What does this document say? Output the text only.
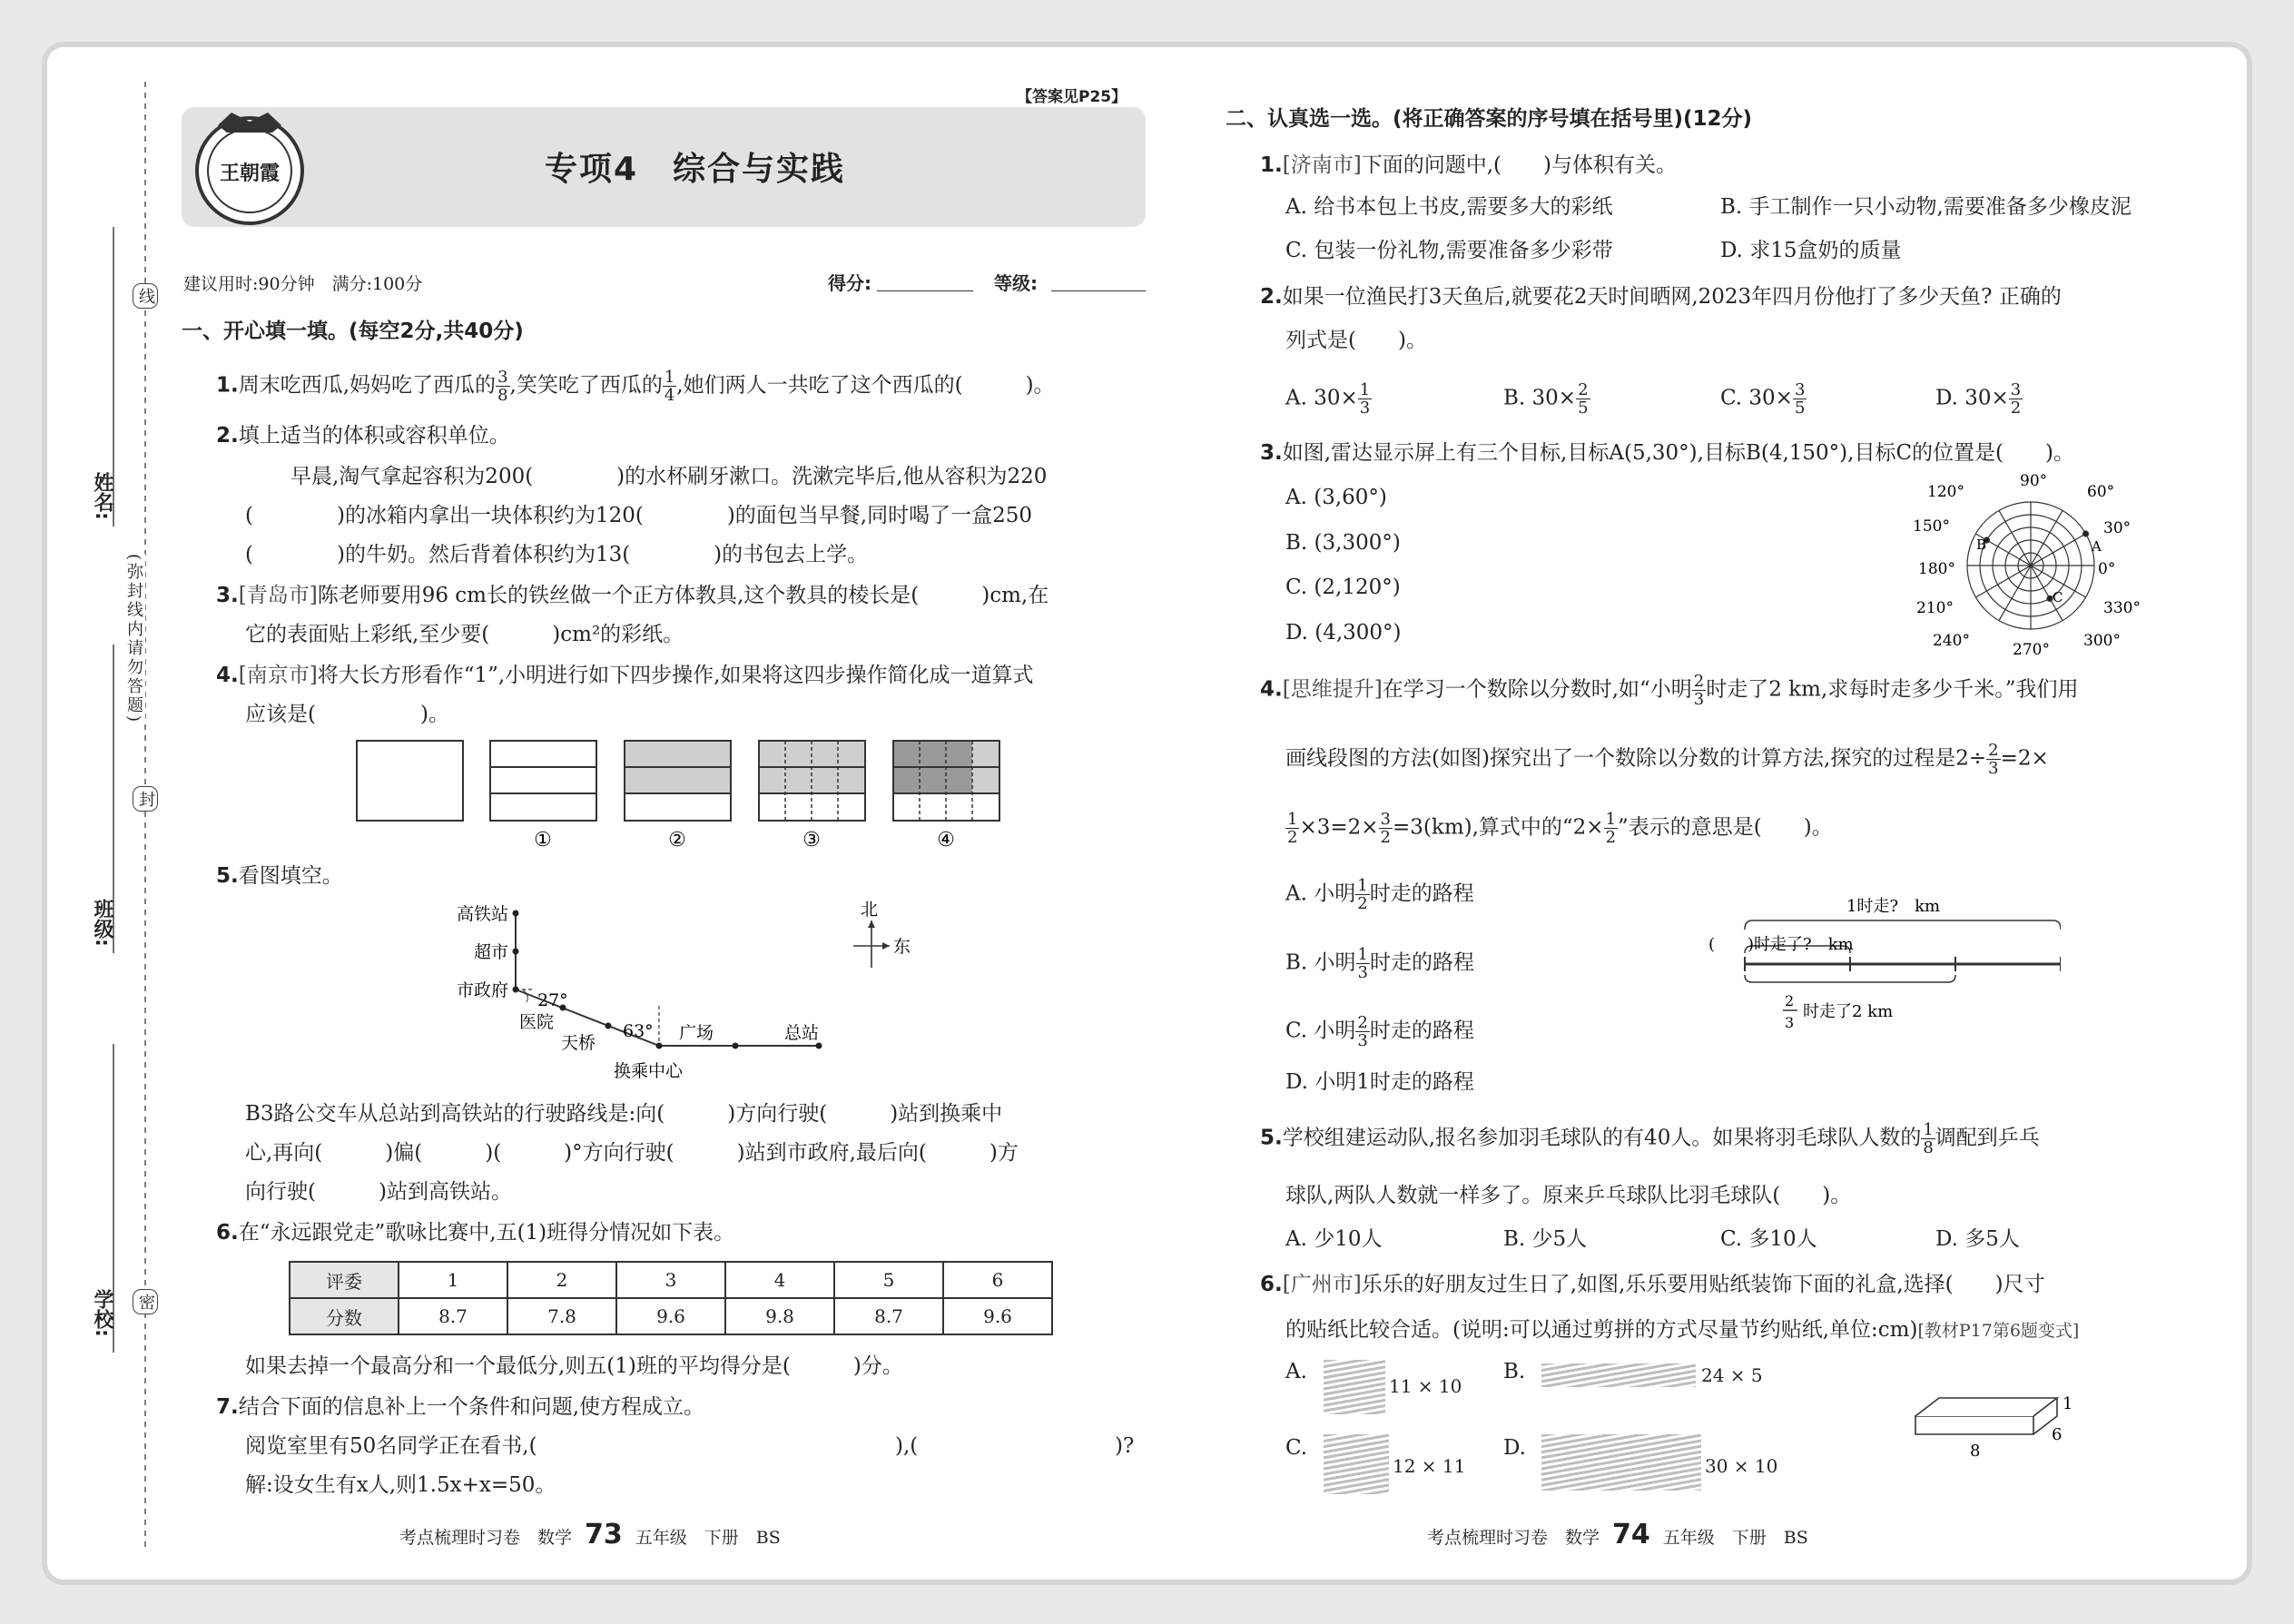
姓名:
班级:
学校:
线
封
密
(弥封线内请勿答题)
【答案见P25】
王朝霞	专项4　综合与实践
建议用时:90分钟　满分:100分	得分:	等级:
一、开心填一填。(每空2分,共40分)
1.周末吃西瓜,妈妈吃了西瓜的 $\frac{3}{8}$ ,笑笑吃了西瓜的 $\frac{1}{4}$ ,她们两人一共吃了这个西瓜的(　　　)。
2.填上适当的体积或容积单位。
早晨,淘气拿起容积为200(　　　　)的水杯刷牙漱口。洗漱完毕后,他从容积为220
(　　　　)的冰箱内拿出一块体积约为120(　　　　)的面包当早餐,同时喝了一盒250
(　　　　)的牛奶。然后背着体积约为13(　　　　)的书包去上学。
3.[青岛市]陈老师要用96 cm长的铁丝做一个正方体教具,这个教具的棱长是(　　　)cm,在
它的表面贴上彩纸,至少要(　　　)cm²的彩纸。
4.[南京市]将大长方形看作“1”,小明进行如下四步操作,如果将这四步操作简化成一道算式
应该是(　　　　　)。
①	②	③	④
5.看图填空。
高铁站
超市
市政府 27°
医院
天桥
63° 广场	总站
换乘中心
北
东
B3路公交车从总站到高铁站的行驶路线是:向(　　　)方向行驶(　　　)站到换乘中
心,再向(　　　)偏(　　　)(　　　)°方向行驶(　　　)站到市政府,最后向(　　　)方
向行驶(　　　)站到高铁站。
6.在“永远跟党走”歌咏比赛中,五(1)班得分情况如下表。
评委	1	2	3	4	5	6
分数	8.7	7.8	9.6	9.8	8.7	9.6
如果去掉一个最高分和一个最低分,则五(1)班的平均得分是(　　　)分。
7.结合下面的信息补上一个条件和问题,使方程成立。
阅览室里有50名同学正在看书,(	),(	)?
解:设女生有x人,则1.5x+x=50。
考点梳理时习卷　数学 73 五年级　下册　BS
二、认真选一选。(将正确答案的序号填在括号里)(12分)
1.[济南市]下面的问题中,(　　)与体积有关。
A. 给书本包上书皮,需要多大的彩纸	B. 手工制作一只小动物,需要准备多少橡皮泥
C. 包装一份礼物,需要准备多少彩带	D. 求15盒奶的质量
2.如果一位渔民打3天鱼后,就要花2天时间晒网,2023年四月份他打了多少天鱼? 正确的
列式是(　　)。
A. $30\times \frac{1}{3}$	B. $30\times \frac{2}{5}$	C. $30\times \frac{3}{5}$	D. $30\times \frac{3}{2}$
3.如图,雷达显示屏上有三个目标,目标A(5,30°),目标B(4,150°),目标C的位置是(　　)。
A. (3,60°)
B. (3,300°)
C. (2,120°)
D. (4,300°)
0°
30°
60°
90°
120°
150°
180°
210°
240°	270° 300°
330°
A
B
C
4.[思维提升]在学习一个数除以分数时,如“小明 $\frac{2}{3}$ 时走了2 km,求每时走多少千米。”我们用
画线段图的方法(如图)探究出了一个数除以分数的计算方法,探究的过程是$2\div \frac{2}{3} =2\times$
$\frac{1}{2} \times 3=2\times \frac{3}{2} =3(km)$,算式中的“$2\times \frac{1}{2}$ ”表示的意思是(　　)。
A. 小明 $\frac{1}{2}$ 时走的路程
B. 小明 $\frac{1}{3}$ 时走的路程
C. 小明 $\frac{2}{3}$ 时走的路程
D. 小明1时走的路程
1时走?　km
(　　)时走了?　km
2
3
时走了2 km
5.学校组建运动队,报名参加羽毛球队的有40人。如果将羽毛球队人数的 $\frac{1}{8}$ 调配到乒乓
球队,两队人数就一样多了。原来乒乓球队比羽毛球队(　　)。
A. 少10人	B. 少5人	C. 多10人	D. 多5人
6.[广州市]乐乐的好朋友过生日了,如图,乐乐要用贴纸装饰下面的礼盒,选择(　　)尺寸
的贴纸比较合适。(说明:可以通过剪拼的方式尽量节约贴纸,单位:cm)[教材P17第6题变式]
A.
11 × 10
B.	24 × 5
C.
12 × 11
D.
30 × 10
1
6
8
考点梳理时习卷　数学 74 五年级　下册　BS
